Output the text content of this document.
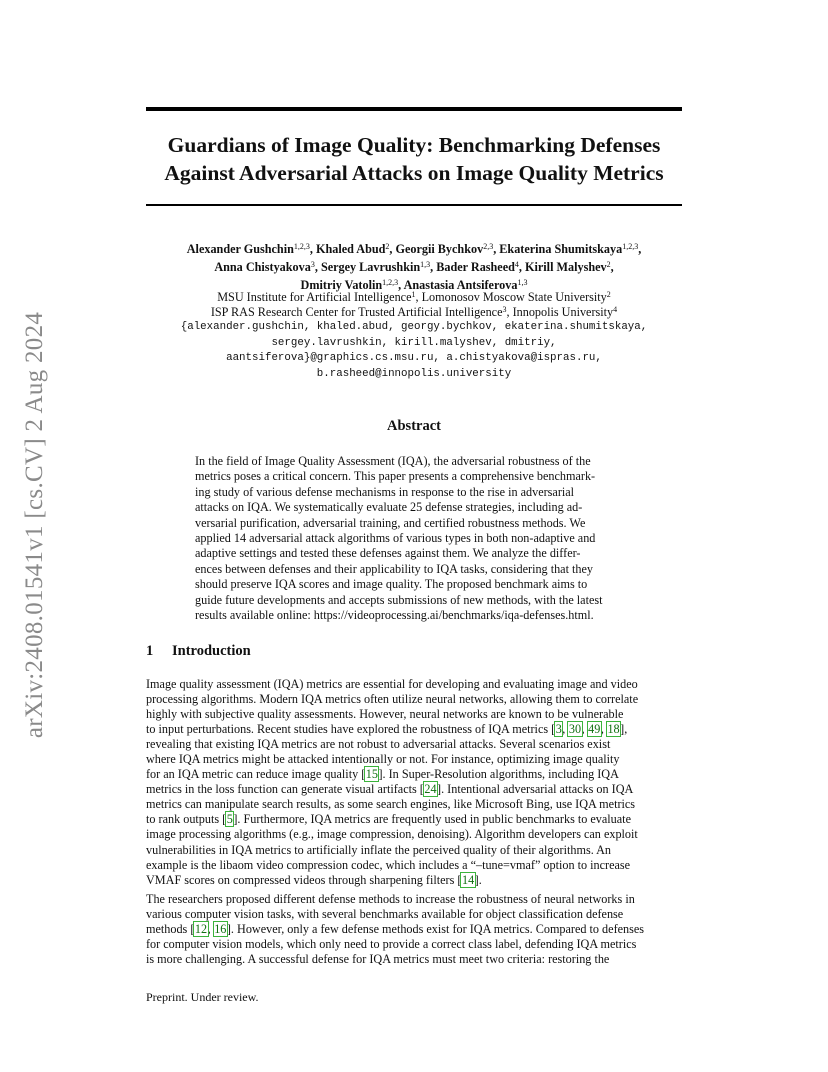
arXiv:2408.01541v1 [cs.CV] 2 Aug 2024
Guardians of Image Quality: Benchmarking Defenses
Against Adversarial Attacks on Image Quality Metrics
Alexander Gushchin$^{1,2,3}$, Khaled Abud$^2$, Georgii Bychkov$^{2,3}$, Ekaterina Shumitskaya$^{1,2,3}$,
Anna Chistyakova$^3$, Sergey Lavrushkin$^{1,3}$, Bader Rasheed$^4$, Kirill Malyshev$^2$,
Dmitriy Vatolin$^{1,2,3}$, Anastasia Antsiferova$^{1,3}$
MSU Institute for Artificial Intelligence$^1$, Lomonosov Moscow State University$^2$
ISP RAS Research Center for Trusted Artificial Intelligence$^3$, Innopolis University$^4$
{alexander.gushchin, khaled.abud, georgy.bychkov, ekaterina.shumitskaya,
sergey.lavrushkin, kirill.malyshev, dmitriy,
aantsiferova}@graphics.cs.msu.ru, a.chistyakova@ispras.ru,
b.rasheed@innopolis.university
Abstract
In the field of Image Quality Assessment (IQA), the adversarial robustness of the
metrics poses a critical concern. This paper presents a comprehensive benchmark-
ing study of various defense mechanisms in response to the rise in adversarial
attacks on IQA. We systematically evaluate 25 defense strategies, including ad-
versarial purification, adversarial training, and certified robustness methods. We
applied 14 adversarial attack algorithms of various types in both non-adaptive and
adaptive settings and tested these defenses against them. We analyze the differ-
ences between defenses and their applicability to IQA tasks, considering that they
should preserve IQA scores and image quality. The proposed benchmark aims to
guide future developments and accepts submissions of new methods, with the latest
results available online: https://videoprocessing.ai/benchmarks/iqa-defenses.html.
1 Introduction
Image quality assessment (IQA) metrics are essential for developing and evaluating image and video
processing algorithms. Modern IQA metrics often utilize neural networks, allowing them to correlate
highly with subjective quality assessments. However, neural networks are known to be vulnerable
to input perturbations. Recent studies have explored the robustness of IQA metrics [3, 30, 49, 18],
revealing that existing IQA metrics are not robust to adversarial attacks. Several scenarios exist
where IQA metrics might be attacked intentionally or not. For instance, optimizing image quality
for an IQA metric can reduce image quality [15]. In Super-Resolution algorithms, including IQA
metrics in the loss function can generate visual artifacts [24]. Intentional adversarial attacks on IQA
metrics can manipulate search results, as some search engines, like Microsoft Bing, use IQA metrics
to rank outputs [5]. Furthermore, IQA metrics are frequently used in public benchmarks to evaluate
image processing algorithms (e.g., image compression, denoising). Algorithm developers can exploit
vulnerabilities in IQA metrics to artificially inflate the perceived quality of their algorithms. An
example is the libaom video compression codec, which includes a “–tune=vmaf” option to increase
VMAF scores on compressed videos through sharpening filters [14].
The researchers proposed different defense methods to increase the robustness of neural networks in
various computer vision tasks, with several benchmarks available for object classification defense
methods [12, 16]. However, only a few defense methods exist for IQA metrics. Compared to defenses
for computer vision models, which only need to provide a correct class label, defending IQA metrics
is more challenging. A successful defense for IQA metrics must meet two criteria: restoring the
Preprint. Under review.
